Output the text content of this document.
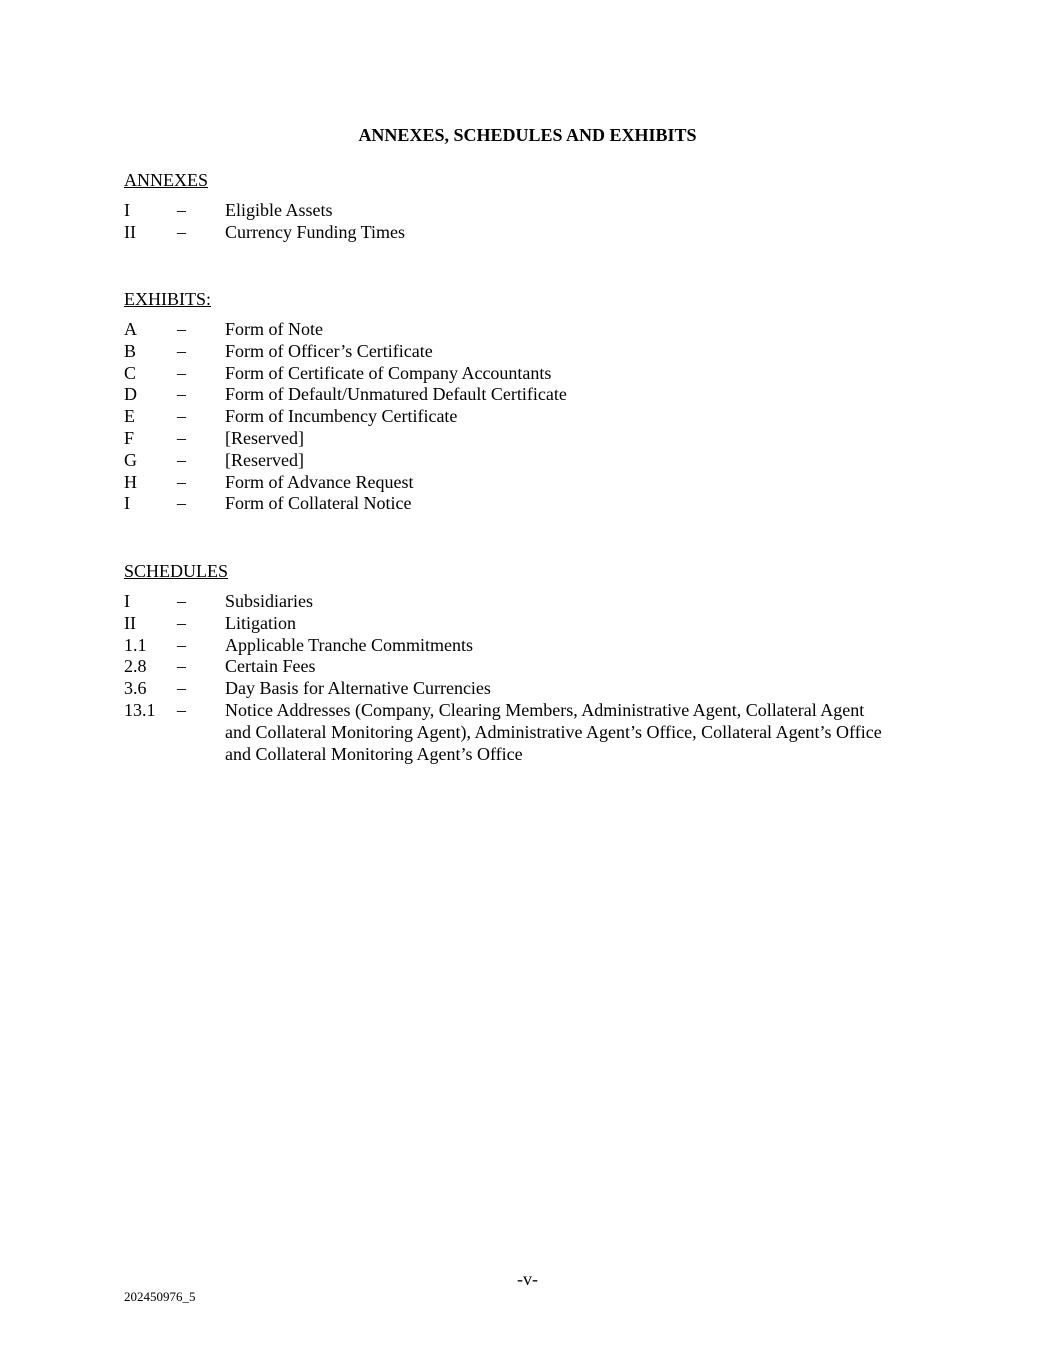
ANNEXES, SCHEDULES AND EXHIBITS
ANNEXES
I	–	Eligible Assets
II	–	Currency Funding Times
EXHIBITS:
A	–	Form of Note
B	–	Form of Officer’s Certificate
C	–	Form of Certificate of Company Accountants
D	–	Form of Default/Unmatured Default Certificate
E	–	Form of Incumbency Certificate
F	–	[Reserved]
G	–	[Reserved]
H	–	Form of Advance Request
I	–	Form of Collateral Notice
SCHEDULES
I	–	Subsidiaries
II	–	Litigation
1.1	–	Applicable Tranche Commitments
2.8	–	Certain Fees
3.6	–	Day Basis for Alternative Currencies
13.1	–	Notice Addresses (Company, Clearing Members, Administrative Agent, Collateral Agent and Collateral Monitoring Agent), Administrative Agent’s Office, Collateral Agent’s Office and Collateral Monitoring Agent’s Office
-v-
202450976_5
